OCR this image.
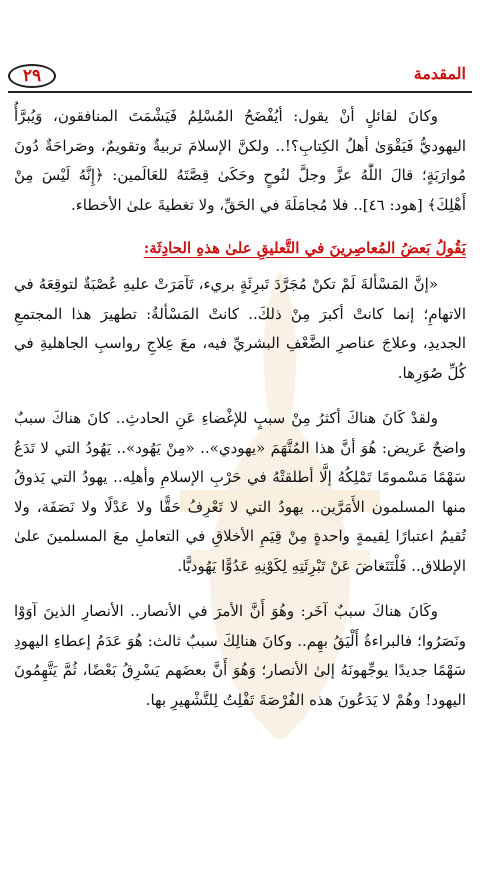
٢٩	المقدمة

وكانَ لقائلٍ أنْ يقول: أيُفْضَحُ المُسْلِمُ فَيَشْمَتَ المنافقون، وَيُبرَّأُ اليهوديُّ فَيَقْوَىٰ أهلُ الكِتابِ؟!.. ولكنَّ الإسلامَ تربيةٌ وتقويمٌ، وصَراحَةٌ دُونَ مُوارَبَةٍ؛ قالَ اللّٰهُ عزَّ وجلَّ لنُوحٍ وحَكَىٰ قِصَّتَهُ للعَالَمين: ﴿إِنَّهُ لَيْسَ مِنْ أَهْلِكَ﴾ [هود: ٤٦].. فلا مُجامَلَةَ في الحَقِّ، ولا تغطيةَ علىٰ الأخطاء.

يَقُولُ بَعضُ المُعاصِرينَ في التَّعليقِ علىٰ هذهِ الحادِثَة:

«إنَّ المَسْألةَ لَمْ تكنْ مُجَرَّدَ تَبرِئَةٍ بريء، تَآمَرَتْ عليهِ عُصْبَةٌ لتوقِعَهُ في الاتهامِ؛ إنما كانتْ أكبرَ مِنْ ذلكَ.. كانتْ المَسْألةُ: تطهيرَ هذا المجتمعِ الجديدِ، وعلاجَ عناصرِ الضَّعْفِ البشريِّ فيه، معَ عِلاجِ رواسبِ الجاهليةِ في كُلِّ صُوَرِها.

ولقدْ كَانَ هناكَ أكثرُ مِنْ سببٍ للإغْضاءِ عَنِ الحادثِ.. كانَ هناكَ سببٌ واضحٌ عَريض: هُوَ أنَّ هذا المُتَّهَمَ «يهودي».. «مِنْ يَهُود».. يَهُودُ التي لا تَدَعُ سَهْمًا مَسْمومًا تَمْلِكُهُ إلَّا أطلقتْهُ في حَرْبِ الإسلامِ وأهلِه.. يهودُ التي يَذوقُ منها المسلمون الأَمَرَّين.. يهودُ التي لا تَعْرِفُ حَقًّا ولا عَدْلًا ولا نَصَفَة، ولا تُقيمُ اعتبارًا لِقيمةٍ واحدةٍ مِنْ قِيَمِ الأخلاقِ في التعاملِ معَ المسلمينَ علىٰ الإطلاق.. فَلْتَتَغاضَ عَنْ تَبْرِئَتِهِ لِكَوْنِهِ عَدُوًّا يَهُوديًّا.

وكَانَ هناكَ سببٌ آخَر: وهُوَ أَنَّ الأمرَ في الأنصار.. الأنصارِ الذينَ آوَوْا ونَصَرُوا؛ فالبراءةُ أَلْيَقُ بهِم.. وكانَ هنالِكَ سببٌ ثالث: هُوَ عَدَمُ إعطاءِ اليهودِ سَهْمًا جديدًا يوجِّهونَهُ إلىٰ الأنصار؛ وَهُوَ أَنَّ بعضَهم يَسْرِقُ بَعْضًا، ثُمَّ يَتَّهِمُونَ اليهود! وهُمْ لا يَدَعُونَ هذه الفُرْصَةَ تَفْلِتُ لِلتَّشْهيرِ بها.
